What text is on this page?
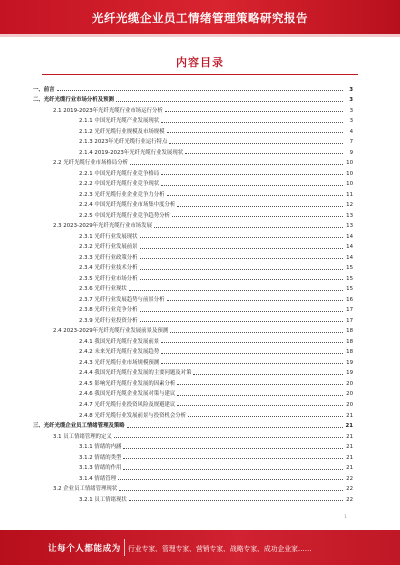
光纤光缆企业员工情绪管理策略研究报告
内容目录
一、前言	3
二、光纤光缆行业市场分析及预测	3
2.1 2019-2023年光纤光缆行业市场运行分析	3
2.1.1 中国光纤光缆产业发展现状	3
2.1.2 光纤光缆行业规模及市场规模	4
2.1.3 2023年光纤光缆行业运行特点	7
2.1.4 2019-2023年光纤光缆行业发展现状	9
2.2 光纤光缆行业市场格局分析	10
2.2.1 中国光纤光缆行业竞争格局	10
2.2.2 中国光纤光缆行业竞争现状	10
2.2.3 光纤光缆行业企业竞争力分析	11
2.2.4 中国光纤光缆行业市场集中度分析	12
2.2.5 中国光纤光缆行业竞争趋势分析	13
2.3 2023-2029年光纤光缆行业市场发展	13
2.3.1 光纤行业发展现状	14
2.3.2 光纤行业发展前景	14
2.3.3 光纤行业政策分析	14
2.3.4 光纤行业技术分析	15
2.3.5 光纤行业市场分析	15
2.3.6 光纤行业现状	15
2.3.7 光纤行业发展趋势与前景分析	16
2.3.8 光纤行业竞争分析	17
2.3.9 光纤行业投资分析	17
2.4 2023-2029年光纤光缆行业发展前景及预测	18
2.4.1 我国光纤光缆行业发展前景	18
2.4.2 未来光纤光缆行业发展趋势	18
2.4.3 光纤光缆行业市场规模预测	19
2.4.4 我国光纤光缆行业发展的主要问题及对策	19
2.4.5 影响光纤光缆行业发展的因素分析	20
2.4.6 我国光纤光缆企业发展对策与建议	20
2.4.7 光纤光缆行业投资风险及规避建议	20
2.4.8 光纤光缆行业发展前景与投资机会分析	21
三、光纤光缆企业员工情绪管理及策略	21
3.1 员工情绪管理的定义	21
3.1.1 情绪的内涵	21
3.1.2 情绪的类型	21
3.1.3 情绪的作用	21
3.1.4 情绪管理	22
3.2 企业员工情绪管理现状	22
3.2.1 员工情绪现状	22
1
让每个人都能成为 行业专家、管理专家、营销专家、战略专家、成功企业家……
